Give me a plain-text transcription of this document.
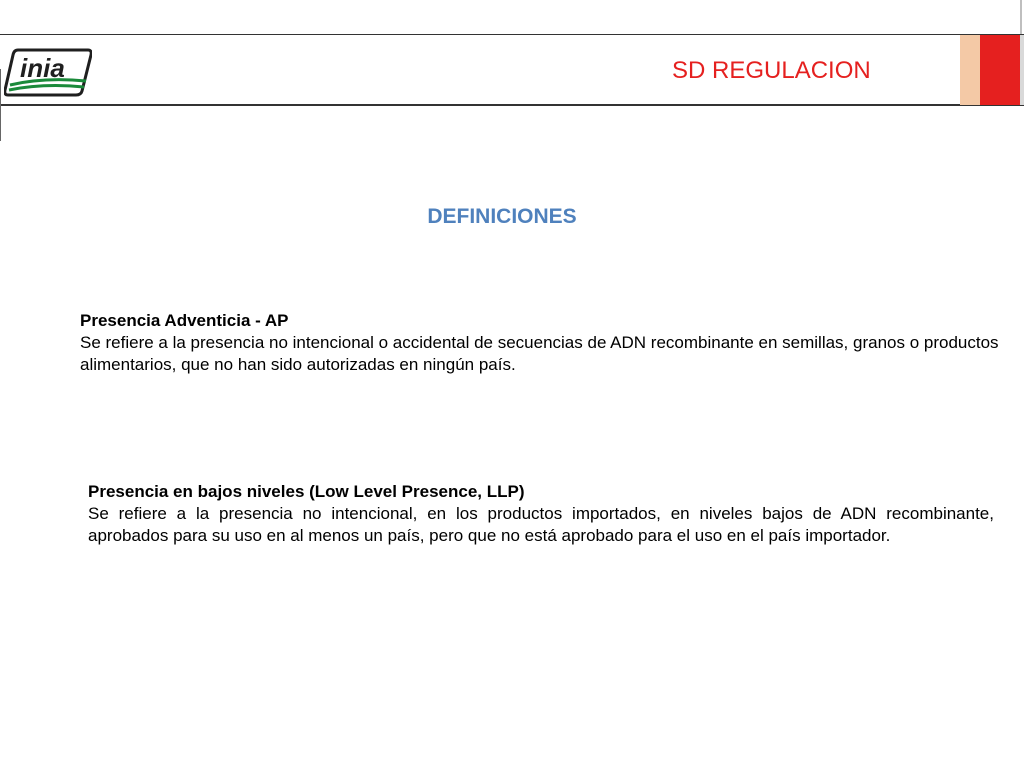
inia	SD REGULACION
DEFINICIONES
Presencia Adventicia - AP
Se refiere a la presencia no intencional o accidental de secuencias de ADN recombinante en semillas, granos o productos alimentarios, que no han sido autorizadas en ningún país.
Presencia en bajos niveles (Low Level Presence, LLP)
Se refiere a la presencia no intencional, en los productos importados, en niveles bajos de ADN recombinante, aprobados para su uso en al menos un país, pero que no está aprobado para el uso en el país importador.
